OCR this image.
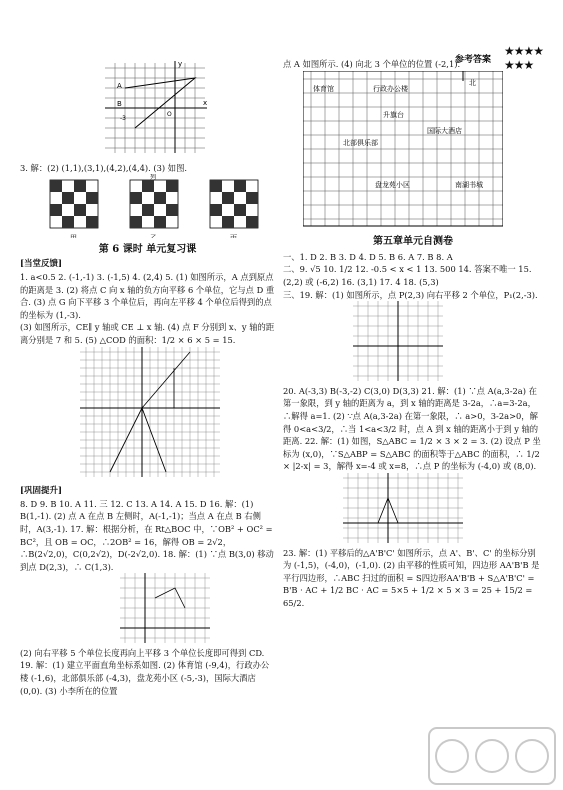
参考答案
★★★★
★★★
y
x
A
B
-3
O

3. 解：(2) (1,1),(3,1),(4,2),(4,4). (3) 如图.

甲	乙
列
丙
第 6 课时 单元复习课

[当堂反馈]

1. a<0.5 2. (-1,-1) 3. (-1,5) 4. (2,4) 5. (1) 如图所示，A 点到原点的距离是 3. (2) 将点 C 向 x 轴的负方向平移 6 个单位，它与点 D 重合. (3) 点 G 向下平移 3 个单位后，再向左平移 4 个单位后得到的点的坐标为 (1,-3).

(3) 如图所示，CE∥ y 轴或 CE ⊥ x 轴. (4) 点 F 分别到 x、y 轴的距离分别是 7 和 5. (5) △COD 的面积：1/2 × 6 × 5 = 15.

[巩固提升]

8. D 9. B 10. A 11. 三 12. C 13. A 14. A 15. D 16. 解：(1) B(1,-1). (2) 点 A 在点 B 左侧时，A(-1,-1)；当点 A 在点 B 右侧时，A(3,-1). 17. 解：根据分析，在 Rt△BOC 中，∵OB² + OC² = BC²，且 OB = OC，∴2OB² = 16，解得 OB = 2√2，∴B(2√2,0)，C(0,2√2)，D(-2√2,0). 18. 解：(1) ∵点 B(3,0) 移动到点 D(2,3)，∴ C(1,3).

(2) 向右平移 5 个单位长度再向上平移 3 个单位长度即可得到 CD. 19. 解：(1) 建立平面直角坐标系如图. (2) 体育馆 (-9,4)，行政办公楼 (-1,6)，北部俱乐部 (-4,3)，盘龙苑小区 (-5,-3)，国际大酒店 (0,0). (3) 小李所在的位置

点 A 如图所示. (4) 向北 3 个单位的位置 (-2,1).

体育馆	行政办公楼
升旗台
北部俱乐部
国际大酒店
盘龙苑小区	南湖书城
北
第五章单元自测卷

一、1. D 2. B 3. D 4. D 5. B 6. A 7. B 8. A

二、9. √5 10. 1/2 12. -0.5 < x < 1 13. 500 14. 答案不唯一 15. (2,2) 或 (-6,2) 16. (3,1) 17. 4 18. (5,3)

三、19. 解：(1) 如图所示，点 P(2,3) 向右平移 2 个单位，P₁(2,-3).

20. A(-3,3) B(-3,-2) C(3,0) D(3,3) 21. 解：(1) ∵点 A(a,3-2a) 在第一象限，到 y 轴的距离为 a，到 x 轴的距离是 3-2a，∴a=3-2a，∴解得 a=1. (2) ∵点 A(a,3-2a) 在第一象限，∴ a>0，3-2a>0，解得 0<a<3/2，∴当 1<a<3/2 时，点 A 到 x 轴的距离小于到 y 轴的距离. 22. 解：(1) 如图，S△ABC = 1/2 × 3 × 2 = 3. (2) 设点 P 坐标为 (x,0)，∵S△ABP = S△ABC 的面积等于△ABC 的面积，∴ 1/2 × |2-x| = 3，解得 x=-4 或 x=8，∴点 P 的坐标为 (-4,0) 或 (8,0).

23. 解：(1) 平移后的△A'B'C' 如图所示，点 A'、B'、C' 的坐标分别为 (-1,5)，(-4,0)，(-1,0). (2) 由平移的性质可知，四边形 AA'B'B 是平行四边形，∴ABC 扫过的面积 = S四边形AA'B'B + S△A'B'C' = B'B · AC + 1/2 BC · AC = 5×5 + 1/2 × 5 × 3 = 25 + 15/2 = 65/2.
